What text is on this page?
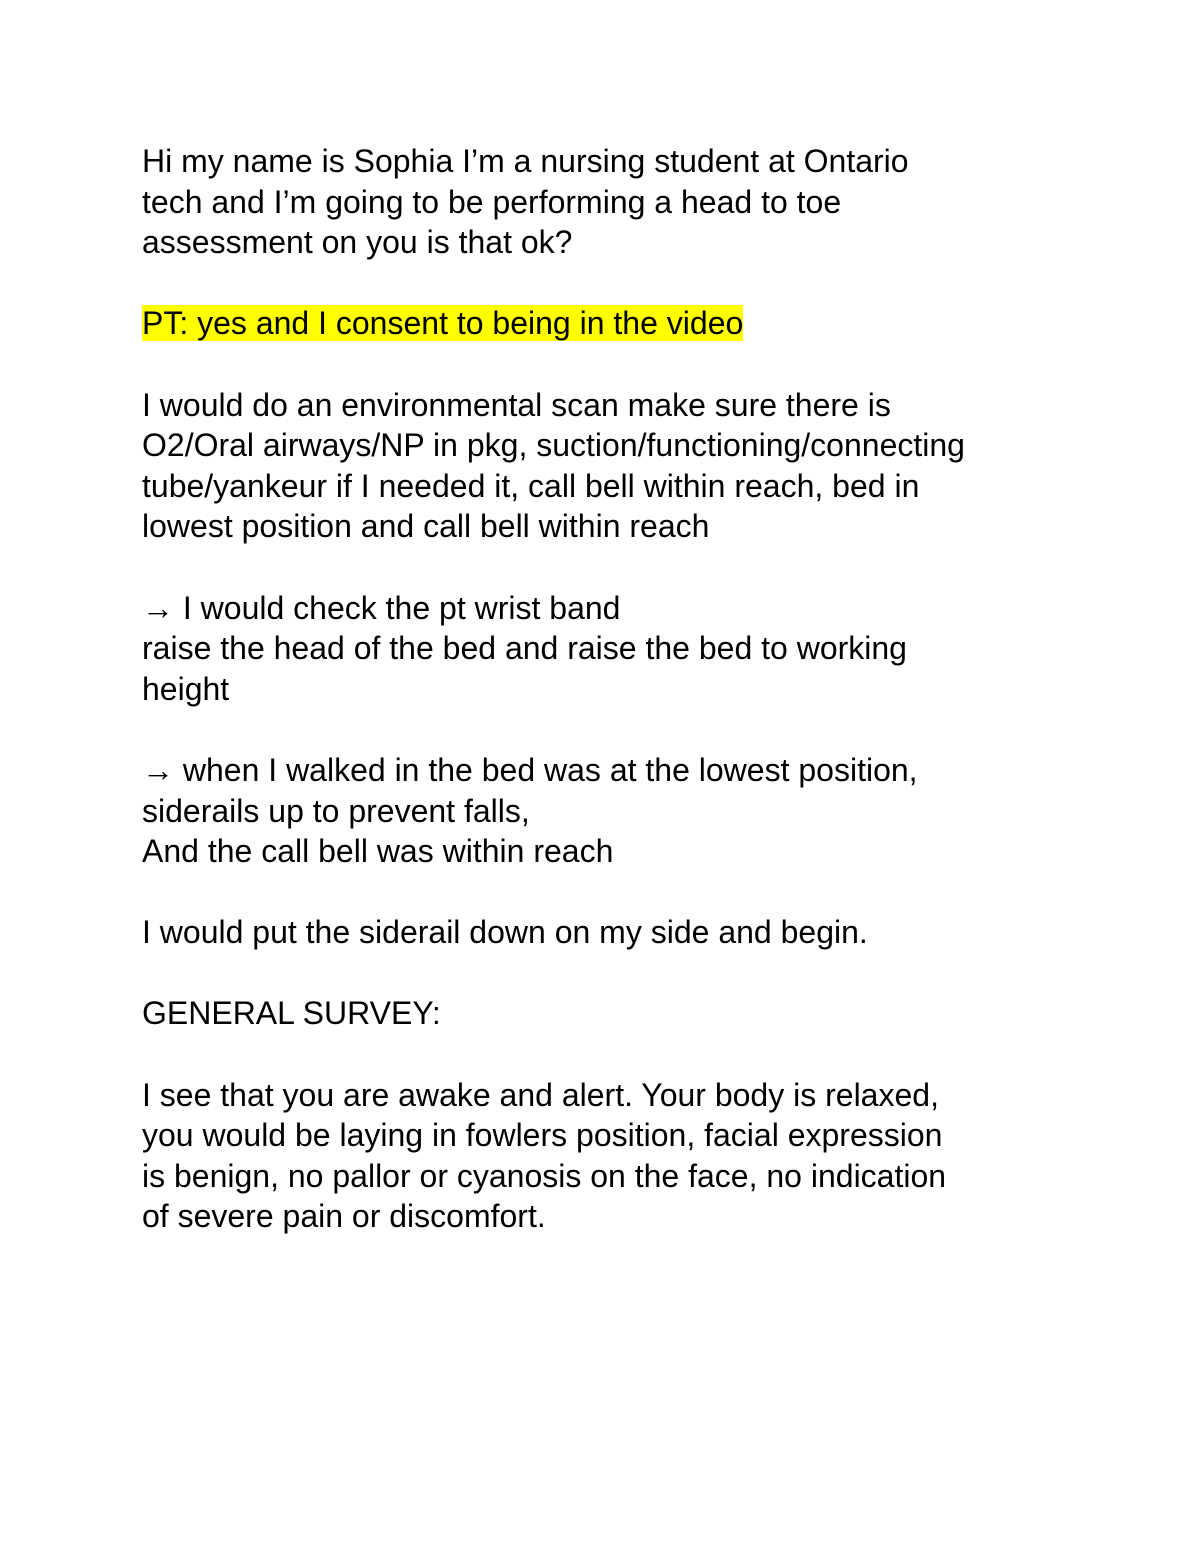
Hi my name is Sophia I’m a nursing student at Ontario
tech and I’m going to be performing a head to toe
assessment on you is that ok?

PT: yes and I consent to being in the video

I would do an environmental scan make sure there is
O2/Oral airways/NP in pkg, suction/functioning/connecting
tube/yankeur if I needed it, call bell within reach, bed in
lowest position and call bell within reach

→ I would check the pt wrist band
raise the head of the bed and raise the bed to working
height

→ when I walked in the bed was at the lowest position,
siderails up to prevent falls,
And the call bell was within reach

I would put the siderail down on my side and begin.

GENERAL SURVEY:

I see that you are awake and alert. Your body is relaxed,
you would be laying in fowlers position, facial expression
is benign, no pallor or cyanosis on the face, no indication
of severe pain or discomfort.
